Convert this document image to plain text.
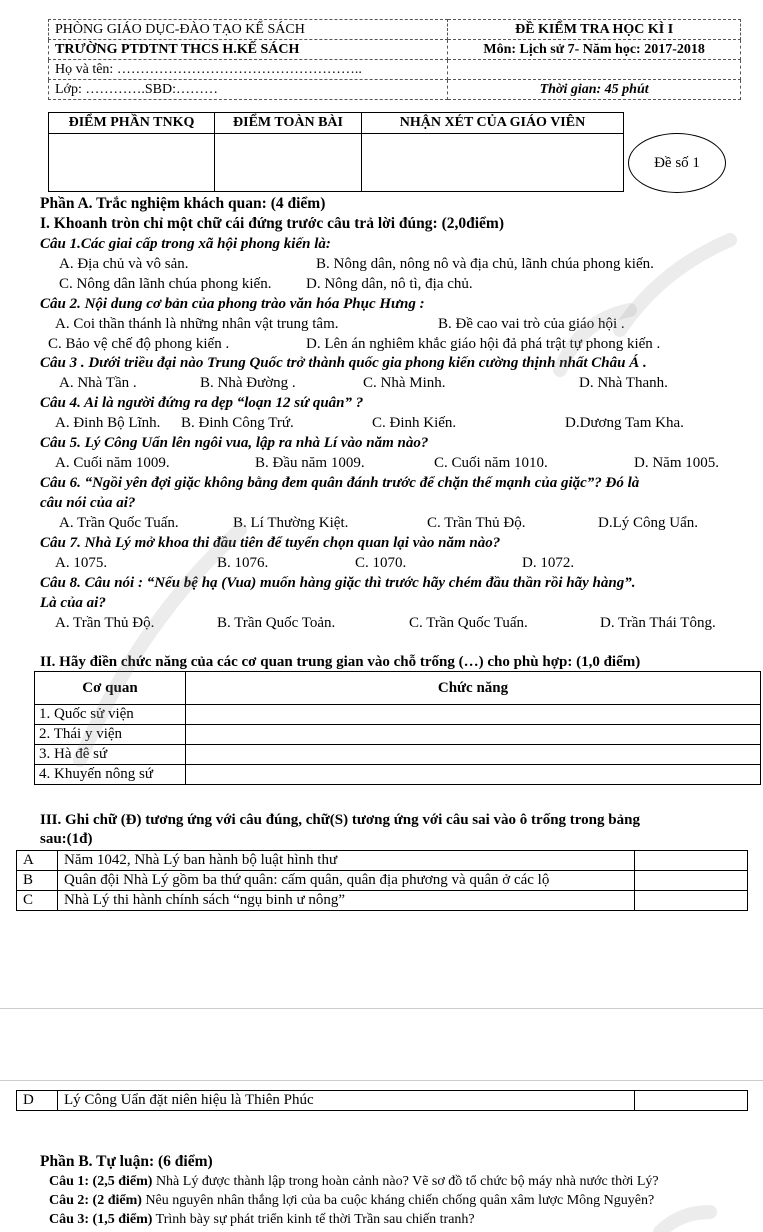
PHÒNG GIÁO DỤC-ĐÀO TẠO KẾ SÁCH	ĐỀ KIỂM TRA HỌC KÌ I
TRƯỜNG PTDTNT THCS H.KẾ SÁCH	Môn: Lịch sử 7- Năm học: 2017-2018
Họ và tên: ……………………………………………..	
Lớp: ………….SBD:………	Thời gian: 45 phút
ĐIỂM PHẦN TNKQ	ĐIỂM TOÀN BÀI	NHẬN XÉT CỦA GIÁO VIÊN

Đề số 1
Phần A. Trắc nghiệm khách quan: (4 điểm)
I. Khoanh tròn chỉ một chữ cái đứng trước câu trả lời đúng: (2,0điểm)
Câu 1.Các giai cấp trong xã hội phong kiến là:
A. Địa chủ và vô sản.	B. Nông dân, nông nô và địa chủ, lãnh chúa phong kiến.
C. Nông dân lãnh chúa phong kiến. D. Nông dân, nô tì, địa chủ.
Câu 2. Nội dung cơ bản của phong trào văn hóa Phục Hưng :
A. Coi thần thánh là những nhân vật trung tâm.	B. Đề cao vai trò của giáo hội .
C. Bảo vệ chế độ phong kiến .	D. Lên án nghiêm khắc giáo hội đả phá trật tự phong kiến .
Câu 3 . Dưới triều đại nào Trung Quốc trở thành quốc gia phong kiến cường thịnh nhất Châu Á .
A. Nhà Tần .	B. Nhà Đường .	C. Nhà Minh.	D. Nhà Thanh.
Câu 4. Ai là người đứng ra dẹp “loạn 12 sứ quân” ?
A. Đinh Bộ Lĩnh. B. Đinh Công Trứ.	C. Đinh Kiến.	D.Dương Tam Kha.
Câu 5. Lý Công Uẩn lên ngôi vua, lập ra nhà Lí vào năm nào?
A. Cuối năm 1009.	B. Đầu năm 1009.	C. Cuối năm 1010.	D. Năm 1005.
Câu 6. “Ngồi yên đợi giặc không bằng đem quân đánh trước để chặn thế mạnh của giặc”? Đó là
câu nói của ai?
A. Trần Quốc Tuấn.	B. Lí Thường Kiệt.	C. Trần Thủ Độ.	D.Lý Công Uẩn.
Câu 7. Nhà Lý mở khoa thi đầu tiên để tuyển chọn quan lại vào năm nào?
A. 1075.	B. 1076.	C. 1070.	D. 1072.
Câu 8. Câu nói : “Nếu bệ hạ (Vua) muốn hàng giặc thì trước hãy chém đầu thần rồi hãy hàng”.
Là của ai?
A. Trần Thủ Độ.	B. Trần Quốc Toản.	C. Trần Quốc Tuấn.	D. Trần Thái Tông.
II. Hãy điền chức năng của các cơ quan trung gian vào chỗ trống (…) cho phù hợp: (1,0 điểm)
Cơ quan	Chức năng
1. Quốc sử viện	
2. Thái y viện	
3. Hà đê sứ	
4. Khuyến nông sứ	
III. Ghi chữ (Đ) tương ứng với câu đúng, chữ(S) tương ứng với câu sai vào ô trống trong bảng
sau:(1đ)
A	Năm 1042, Nhà Lý ban hành bộ luật hình thư	
B	Quân đội Nhà Lý gồm ba thứ quân: cấm quân, quân địa phương và quân ở các lộ	
C	Nhà Lý thi hành chính sách “ngụ binh ư nông”	
D	Lý Công Uẩn đặt niên hiệu là Thiên Phúc	
Phần B. Tự luận: (6 điểm)
Câu 1: (2,5 điểm) Nhà Lý được thành lập trong hoàn cảnh nào? Vẽ sơ đồ tổ chức bộ máy nhà nước thời Lý?
Câu 2: (2 điểm) Nêu nguyên nhân thắng lợi của ba cuộc kháng chiến chống quân xâm lược Mông Nguyên?
Câu 3: (1,5 điểm) Trình bày sự phát triển kinh tế thời Trần sau chiến tranh?
